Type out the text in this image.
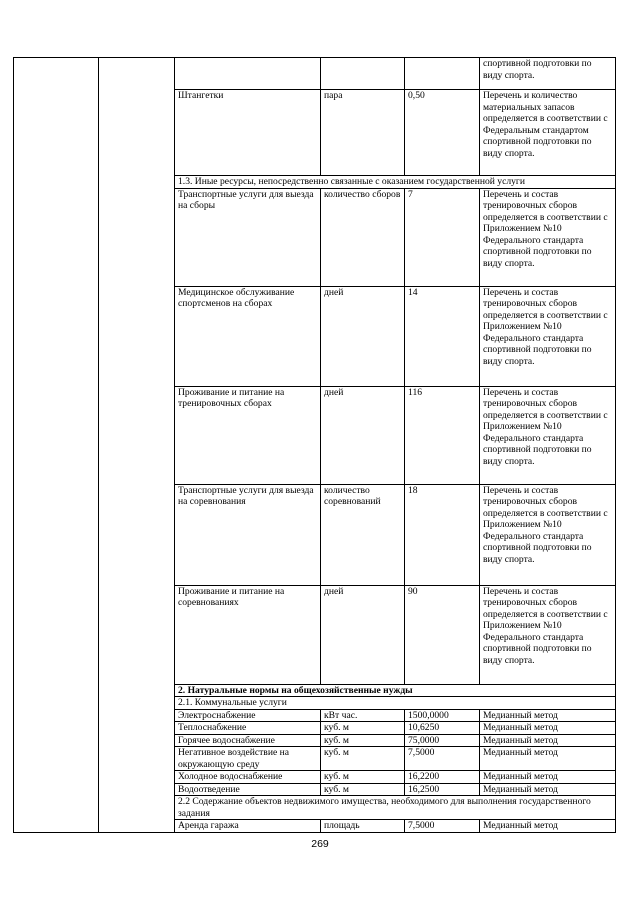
					спортивной подготовки по виду спорта.
		Штангетки	пара	0,50	Перечень и количество материальных запасов определяется в соответствии с Федеральным стандартом спортивной подготовки по виду спорта.
		1.3. Иные ресурсы, непосредственно связанные с оказанием государственной услуги			
		Транспортные услуги для выезда на сборы	количество сборов	7	Перечень и состав тренировочных сборов определяется в соответствии с Приложением №10 Федерального стандарта спортивной подготовки по виду спорта.
		Медицинское обслуживание спортсменов на сборах	дней	14	Перечень и состав тренировочных сборов определяется в соответствии с Приложением №10 Федерального стандарта спортивной подготовки по виду спорта.
		Проживание и питание на тренировочных сборах	дней	116	Перечень и состав тренировочных сборов определяется в соответствии с Приложением №10 Федерального стандарта спортивной подготовки по виду спорта.
		Транспортные услуги для выезда на соревнования	количество соревнований	18	Перечень и состав тренировочных сборов определяется в соответствии с Приложением №10 Федерального стандарта спортивной подготовки по виду спорта.
		Проживание и питание на соревнованиях	дней	90	Перечень и состав тренировочных сборов определяется в соответствии с Приложением №10 Федерального стандарта спортивной подготовки по виду спорта.
		2. Натуральные нормы на общехозяйственные нужды			
		2.1. Коммунальные услуги			
		Электроснабжение	кВт час.	1500,0000	Медианный метод
		Теплоснабжение	куб. м	10,6250	Медианный метод
		Горячее водоснабжение	куб. м	75,0000	Медианный метод
		Негативное воздействие на окружающую среду	куб. м	7,5000	Медианный метод
		Холодное водоснабжение	куб. м	16,2200	Медианный метод
		Водоотведение	куб. м	16,2500	Медианный метод
		2.2 Содержание объектов недвижимого имущества, необходимого для выполнения государственного задания			
		Аренда гаража	площадь	7,5000	Медианный метод
269
